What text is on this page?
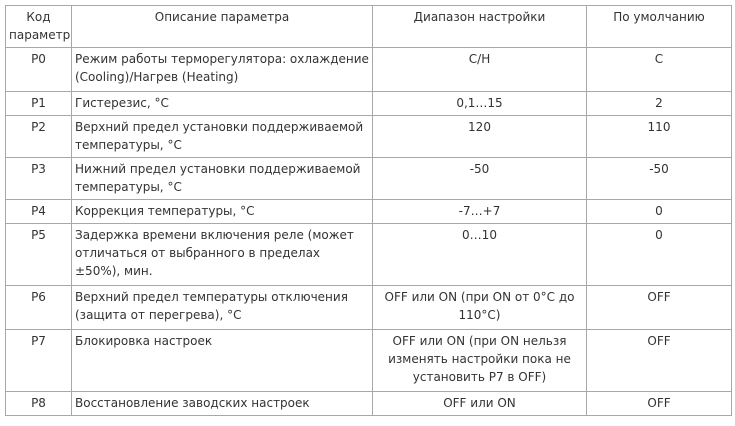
Код параметр	Описание параметра	Диапазон настройки	По умолчанию
P0	Режим работы терморегулятора: охлаждение (Cooling)/Нагрев (Heating)	C/H	C
P1	Гистерезис, °C	0,1…15	2
P2	Верхний предел установки поддерживаемой температуры, °C	120	110
P3	Нижний предел установки поддерживаемой температуры, °C	-50	-50
P4	Коррекция температуры, °C	-7…+7	0
P5	Задержка времени включения реле (может отличаться от выбранного в пределах ±50%), мин.	0…10	0
P6	Верхний предел температуры отключения (защита от перегрева), °C	OFF или ON (при ON от 0°C до 110°C)	OFF
P7	Блокировка настроек	OFF или ON (при ON нельзя изменять настройки пока не установить P7 в OFF)	OFF
P8	Восстановление заводских настроек	OFF или ON	OFF
